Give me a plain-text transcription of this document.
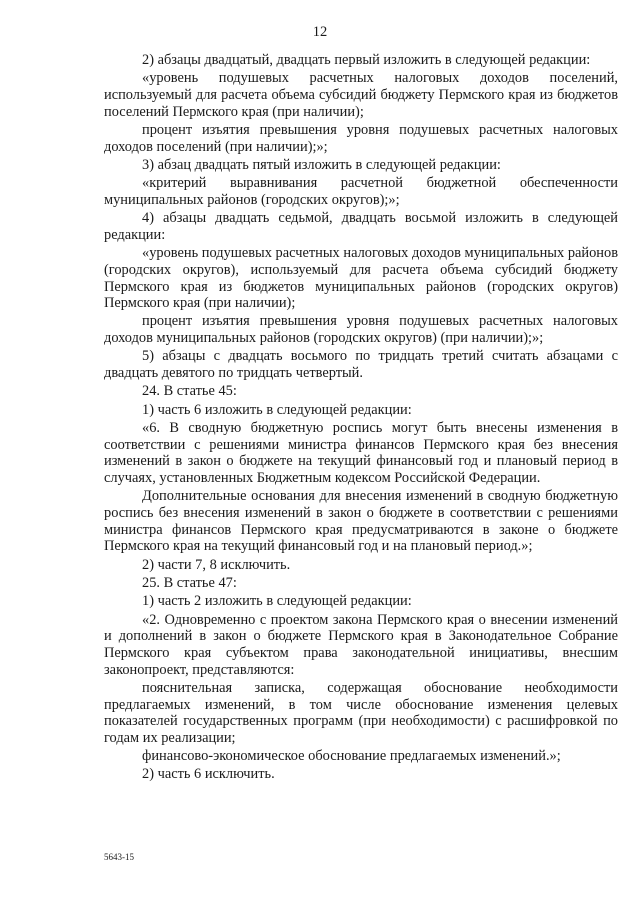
12

2) абзацы двадцатый, двадцать первый изложить в следующей редакции:

«уровень подушевых расчетных налоговых доходов поселений, используемый для расчета объема субсидий бюджету Пермского края из бюджетов поселений Пермского края (при наличии);

процент изъятия превышения уровня подушевых расчетных налоговых доходов поселений (при наличии);»;

3) абзац двадцать пятый изложить в следующей редакции:

«критерий выравнивания расчетной бюджетной обеспеченности муниципальных районов (городских округов);»;

4) абзацы двадцать седьмой, двадцать восьмой изложить в следующей редакции:

«уровень подушевых расчетных налоговых доходов муниципальных районов (городских округов), используемый для расчета объема субсидий бюджету Пермского края из бюджетов муниципальных районов (городских округов) Пермского края (при наличии);

процент изъятия превышения уровня подушевых расчетных налоговых доходов муниципальных районов (городских округов) (при наличии);»;

5) абзацы с двадцать восьмого по тридцать третий считать абзацами с двадцать девятого по тридцать четвертый.

24. В статье 45:

1) часть 6 изложить в следующей редакции:

«6. В сводную бюджетную роспись могут быть внесены изменения в соответствии с решениями министра финансов Пермского края без внесения изменений в закон о бюджете на текущий финансовый год и плановый период в случаях, установленных Бюджетным кодексом Российской Федерации.

Дополнительные основания для внесения изменений в сводную бюджетную роспись без внесения изменений в закон о бюджете в соответствии с решениями министра финансов Пермского края предусматриваются в законе о бюджете Пермского края на текущий финансовый год и на плановый период.»;

2) части 7, 8 исключить.

25. В статье 47:

1) часть 2 изложить в следующей редакции:

«2. Одновременно с проектом закона Пермского края о внесении изменений и дополнений в закон о бюджете Пермского края в Законодательное Собрание Пермского края субъектом права законодательной инициативы, внесшим законопроект, представляются:

пояснительная записка, содержащая обоснование необходимости предлагаемых изменений, в том числе обоснование изменения целевых показателей государственных программ (при необходимости) с расшифровкой по годам их реализации;

финансово-экономическое обоснование предлагаемых изменений.»;

2) часть 6 исключить.

5643-15
